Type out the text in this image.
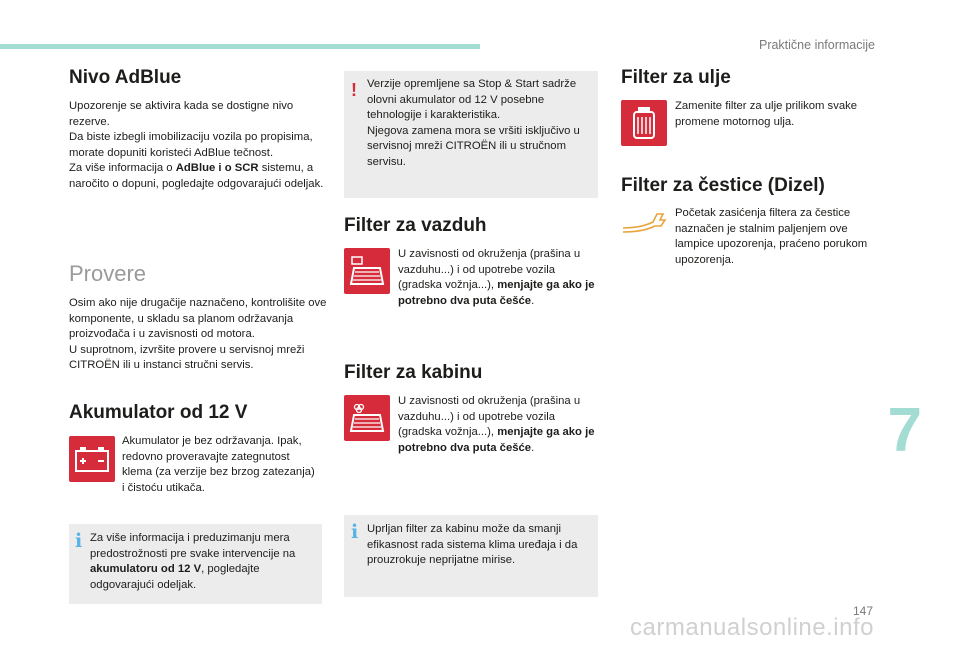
Praktične informacije
Nivo AdBlue
Upozorenje se aktivira kada se dostigne nivo rezerve.
Da biste izbegli imobilizaciju vozila po propisima, morate dopuniti koristeći AdBlue tečnost.
Za više informacija o AdBlue i o SCR sistemu, a naročito o dopuni, pogledajte odgovarajući odeljak.
Provere
Osim ako nije drugačije naznačeno, kontrolišite ove komponente, u skladu sa planom održavanja proizvođača i u zavisnosti od motora.
U suprotnom, izvršite provere u servisnoj mreži CITROËN ili u instanci stručni servis.
Akumulator od 12 V
Akumulator je bez održavanja. Ipak, redovno proveravajte zategnutost klema (za verzije bez brzog zatezanja) i čistoću utikača.
i Za više informacija i preduzimanju mera predostrožnosti pre svake intervencije na akumulatoru od 12 V, pogledajte odgovarajući odeljak.
! Verzije opremljene sa Stop & Start sadrže olovni akumulator od 12 V posebne tehnologije i karakteristika.
Njegova zamena mora se vršiti isključivo u servisnoj mreži CITROËN ili u stručnom servisu.
Filter za vazduh
U zavisnosti od okruženja (prašina u vazduhu...) i od upotrebe vozila (gradska vožnja...), menjajte ga ako je potrebno dva puta češće.
Filter za kabinu
U zavisnosti od okruženja (prašina u vazduhu...) i od upotrebe vozila (gradska vožnja...), menjajte ga ako je potrebno dva puta češće.
i Uprljan filter za kabinu može da smanji efikasnost rada sistema klima uređaja i da prouzrokuje neprijatne mirise.
Filter za ulje
Zamenite filter za ulje prilikom svake promene motornog ulja.
Filter za čestice (Dizel)
Početak zasićenja filtera za čestice naznačen je stalnim paljenjem ove lampice upozorenja, praćeno porukom upozorenja.
7
147
carmanualsonline.info
